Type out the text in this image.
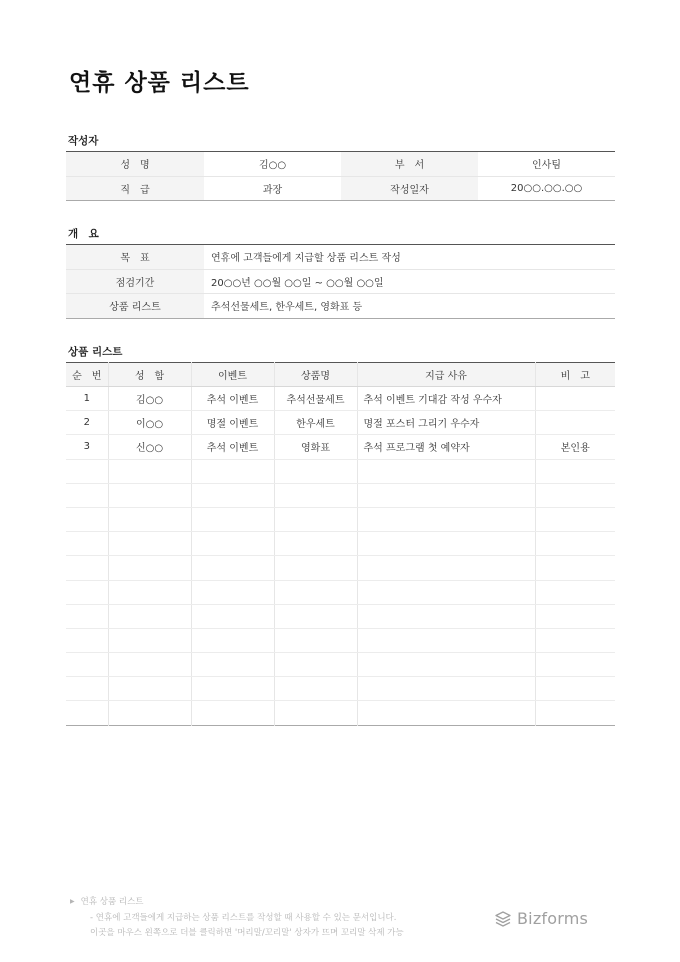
연휴 상품 리스트
작성자
성　명	김○○	부　서	인사팀
직　급	과장	작성일자	20○○.○○.○○
개　요
목　표	연휴에 고객들에게 지급할 상품 리스트 작성
점검기간	20○○년 ○○월 ○○일 ~ ○○월 ○○일
상품 리스트	추석선물세트, 한우세트, 영화표 등
상품 리스트
순　번	성　함	이벤트	상품명	지급 사유	비　고
1	김○○	추석 이벤트	추석선물세트	추석 이벤트 기대감 작성 우수자	
2	이○○	명절 이벤트	한우세트	명절 포스터 그리기 우수자	
3	신○○	추석 이벤트	영화표	추석 프로그램 첫 예약자	본인용

▶ 연휴 상품 리스트
- 연휴에 고객들에게 지급하는 상품 리스트를 작성할 때 사용할 수 있는 문서입니다.
이곳을 마우스 왼쪽으로 더블 클릭하면 '머리말/꼬리말' 상자가 뜨며 꼬리말 삭제 가능
Bizforms
